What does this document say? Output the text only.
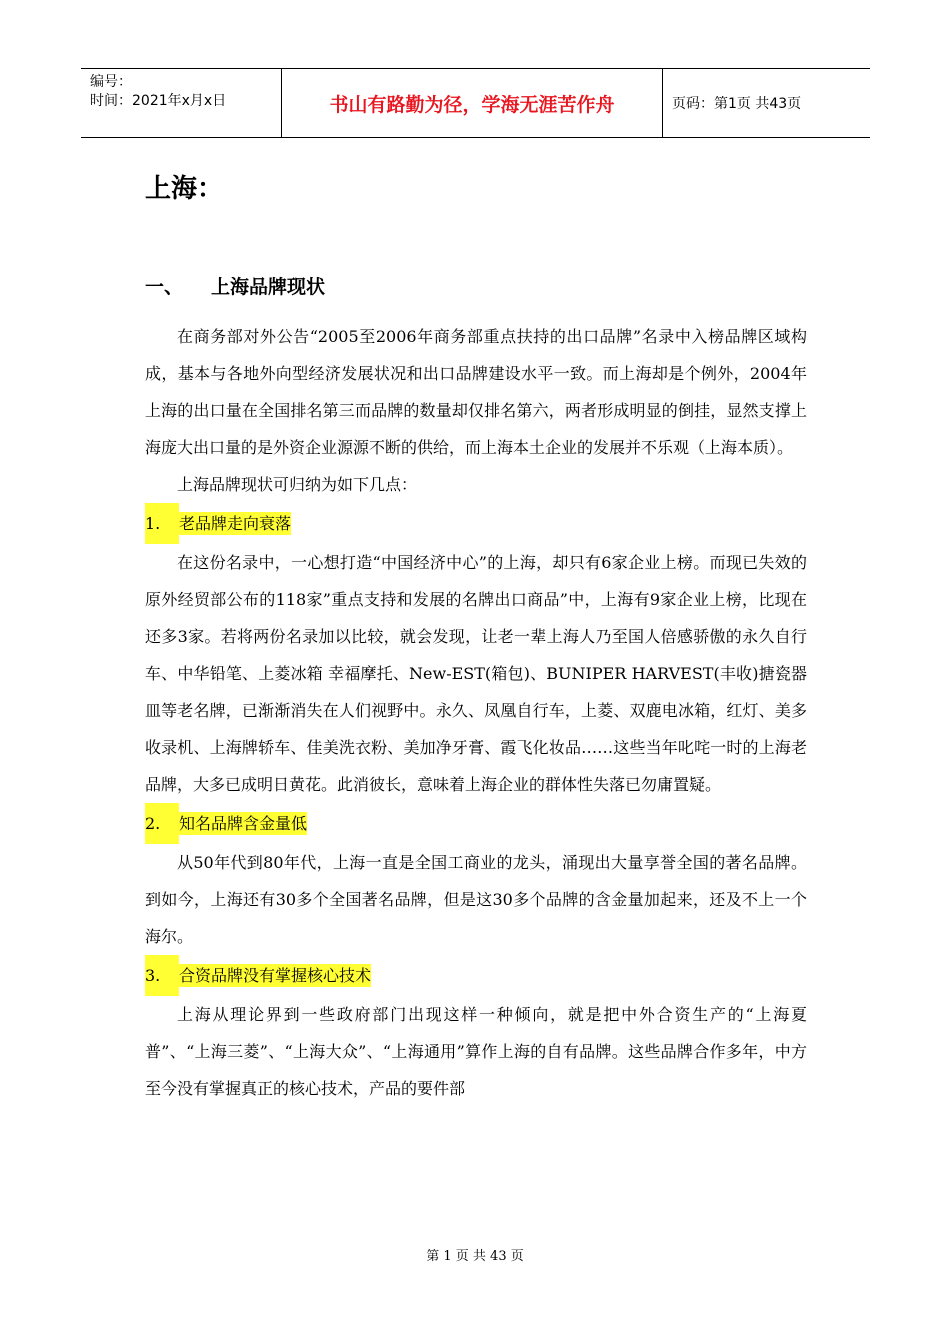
编号：
时间：2021年x月x日	书山有路勤为径，学海无涯苦作舟	页码：第1页 共43页
上海：
一、 上海品牌现状

在商务部对外公告“2005至2006年商务部重点扶持的出口品牌”名录中入榜品牌区域构成，基本与各地外向型经济发展状况和出口品牌建设水平一致。而上海却是个例外，2004年上海的出口量在全国排名第三而品牌的数量却仅排名第六，两者形成明显的倒挂，显然支撑上海庞大出口量的是外资企业源源不断的供给，而上海本土企业的发展并不乐观（上海本质）。

上海品牌现状可归纳为如下几点：

1. 老品牌走向衰落

在这份名录中，一心想打造“中国经济中心”的上海，却只有6家企业上榜。而现已失效的原外经贸部公布的118家”重点支持和发展的名牌出口商品”中，上海有9家企业上榜，比现在还多3家。若将两份名录加以比较，就会发现，让老一辈上海人乃至国人倍感骄傲的永久自行车、中华铅笔、上菱冰箱 幸福摩托、New-EST(箱包)、BUNIPER HARVEST(丰收)搪瓷器皿等老名牌，已渐渐消失在人们视野中。永久、凤凰自行车，上菱、双鹿电冰箱，红灯、美多收录机、上海牌轿车、佳美洗衣粉、美加净牙膏、霞飞化妆品……这些当年叱咤一时的上海老品牌，大多已成明日黄花。此消彼长，意味着上海企业的群体性失落已勿庸置疑。

2. 知名品牌含金量低

从50年代到80年代，上海一直是全国工商业的龙头，涌现出大量享誉全国的著名品牌。到如今，上海还有30多个全国著名品牌，但是这30多个品牌的含金量加起来，还及不上一个海尔。

3. 合资品牌没有掌握核心技术

上海从理论界到一些政府部门出现这样一种倾向，就是把中外合资生产的“上海夏普”、“上海三菱”、“上海大众”、“上海通用”算作上海的自有品牌。这些品牌合作多年，中方至今没有掌握真正的核心技术，产品的要件部

第 1 页 共 43 页
